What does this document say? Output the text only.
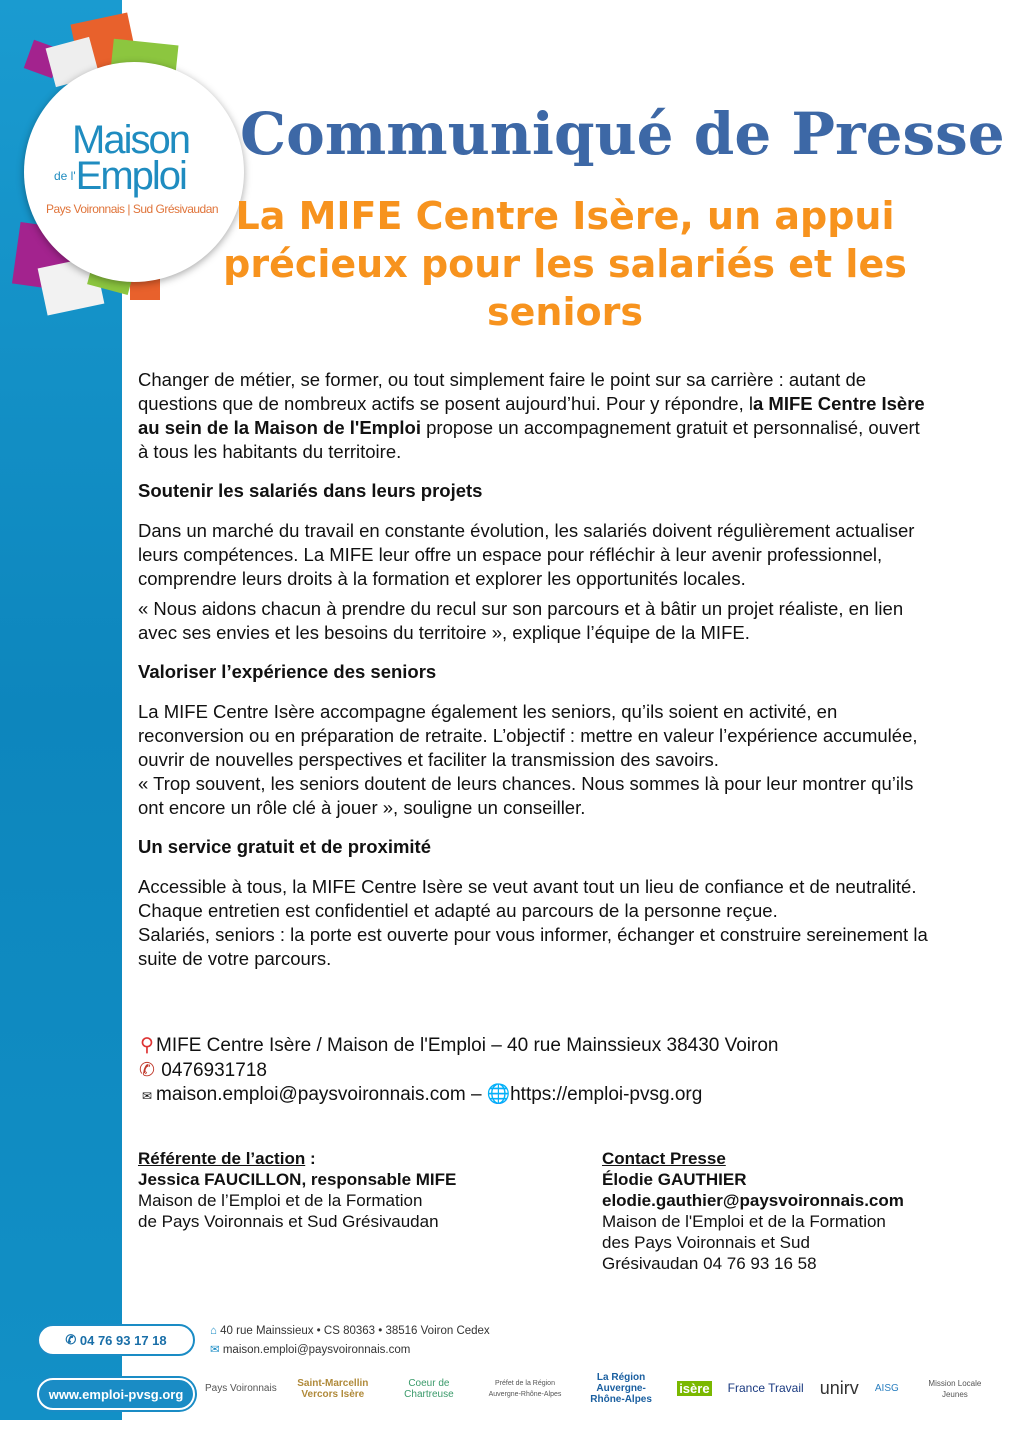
Maison
$^{de l'}$Emploi
Pays Voironnais | Sud Grésivaudan
Communiqué de Presse
La MIFE Centre Isère, un appui précieux pour les salariés et les seniors

Changer de métier, se former, ou tout simplement faire le point sur sa carrière : autant de questions que de nombreux actifs se posent aujourd’hui. Pour y répondre, la MIFE Centre Isère au sein de la Maison de l'Emploi propose un accompagnement gratuit et personnalisé, ouvert à tous les habitants du territoire.

Soutenir les salariés dans leurs projets

Dans un marché du travail en constante évolution, les salariés doivent régulièrement actualiser leurs compétences. La MIFE leur offre un espace pour réfléchir à leur avenir professionnel, comprendre leurs droits à la formation et explorer les opportunités locales.

« Nous aidons chacun à prendre du recul sur son parcours et à bâtir un projet réaliste, en lien avec ses envies et les besoins du territoire », explique l’équipe de la MIFE.

Valoriser l’expérience des seniors

La MIFE Centre Isère accompagne également les seniors, qu’ils soient en activité, en reconversion ou en préparation de retraite. L’objectif : mettre en valeur l’expérience accumulée, ouvrir de nouvelles perspectives et faciliter la transmission des savoirs.
« Trop souvent, les seniors doutent de leurs chances. Nous sommes là pour leur montrer qu’ils ont encore un rôle clé à jouer », souligne un conseiller.

Un service gratuit et de proximité

Accessible à tous, la MIFE Centre Isère se veut avant tout un lieu de confiance et de neutralité. Chaque entretien est confidentiel et adapté au parcours de la personne reçue.
Salariés, seniors : la porte est ouverte pour vous informer, échanger et construire sereinement la suite de votre parcours.

⚲ MIFE Centre Isère / Maison de l'Emploi – 40 rue Mainssieux 38430 Voiron
✆ 0476931718
✉ maison.emploi@paysvoironnais.com – 🌐 https://emploi-pvsg.org
Référente de l’action :
Jessica FAUCILLON, responsable MIFE
Maison de l’Emploi et de la Formation
de Pays Voironnais et Sud Grésivaudan
Contact Presse
Élodie GAUTHIER
elodie.gauthier@paysvoironnais.com
Maison de l'Emploi et de la Formation
des Pays Voironnais et Sud
Grésivaudan 04 76 93 16 58
✆ 04 76 93 17 18
www.emploi-pvsg.org
⌂ 40 rue Mainssieux • CS 80363 • 38516 Voiron Cedex
✉ maison.emploi@paysvoironnais.com
Pays Voironnais	Saint-Marcellin Vercors Isère
Coeur de Chartreuse
Préfet de la Région Auvergne-Rhône-Alpes
La Région Auvergne-Rhône-Alpes
isère France Travail unirv AISG	Mission Locale Jeunes
